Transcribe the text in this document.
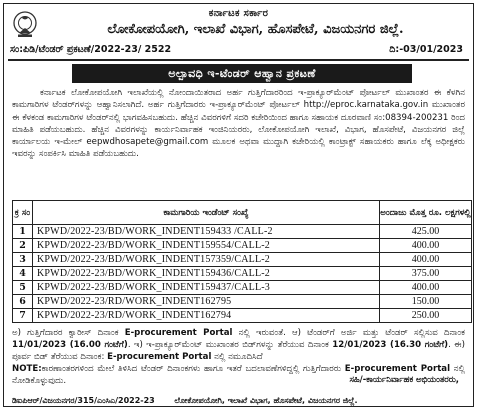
ಕರ್ನಾಟಕ ಸರ್ಕಾರ
ಲೋಕೋಪಯೋಗಿ, ಇಲಾಖೆ ವಿಭಾಗ, ಹೊಸಪೇಟೆ, ವಿಜಯನಗರ ಜಿಲ್ಲೆ.
ಸಂ:ಪಿಡಿ/ಟೆಂಡರ್ ಪ್ರಕಟಣೆ/2022-23/ 2522	ದಿ:-03/01/2023
ಅಲ್ಪಾವಧಿ ಇ-ಟೆಂಡರ್ ಆಹ್ವಾನ ಪ್ರಕಟಣೆ

ಕರ್ನಾಟಕ ಲೋಕೋಪಯೋಗಿ ಇಲಾಖೆಯಲ್ಲಿ ನೋಂದಾಯಿತರಾದ ಅರ್ಹ ಗುತ್ತಿಗೆದಾರರಿಂದ ಇ-ಪ್ರಾಕ್ಯೂರ್‌ಮೆಂಟ್ ಪೋರ್ಟಲ್ ಮುಖಾಂತರ ಈ ಕೆಳಗಿನ ಕಾಮಗಾರಿಗಳ ಟೆಂಡರ್‌ಗಳನ್ನು ಆಹ್ವಾನಿಸಲಾಗಿದೆ. ಅರ್ಹ ಗುತ್ತಿಗೆದಾರರು ಇ-ಪ್ರಾಕ್ಯೂರ್‌ಮೆಂಟ್ ಪೋರ್ಟಲ್ http://eproc.karnataka.gov.in ಮುಖಾಂತರ ಈ ಕೆಳಕಂಡ ಕಾಮಗಾರಿಗಳ ಟೆಂಡರ್‌ನಲ್ಲಿ ಭಾಗವಹಿಸಬಹುದು. ಹೆಚ್ಚಿನ ವಿವರಗಳಿಗೆ ಸದರಿ ಕಚೇರಿಯಿಂದ ಹಾಗೂ ಸಹಾಯಕ ದೂರವಾಣಿ ಸಂ:08394-200231 ರಿಂದ ಮಾಹಿತಿ ಪಡೆಯಬಹುದು. ಹೆಚ್ಚಿನ ವಿವರಗಳನ್ನು ಕಾರ್ಯನಿರ್ವಾಹಕ ಇಂಜಿನಿಯರರು, ಲೋಕೋಪಯೋಗಿ ಇಲಾಖೆ, ವಿಭಾಗ, ಹೊಸಪೇಟೆ, ವಿಜಯನಗರ ಜಿಲ್ಲೆ ಕಾರ್ಯಾಲಯ ಇ-ಮೇಲ್ eepwdhosapete@gmail.com ಮೂಲಕ ಅಥವಾ ಮುದ್ದಾಗಿ ಕಚೇರಿಯಲ್ಲಿ ಕಾಂಟ್ರಾಕ್ಟ್ ಸಹಾಯಕರು ಹಾಗೂ ಲೆಕ್ಕ ಅಧೀಕ್ಷಕರು ಇವರನ್ನು ಸಂಪರ್ಕಿಸಿ ಮಾಹಿತಿ ಪಡೆಯಬಹುದು.

ಕ್ರ ಸಂ	ಕಾಮಗಾರಿಯ ಇಂಡೆಂಟ್ ಸಂಖ್ಯೆ	ಅಂದಾಜು ಮೊತ್ತ ರೂ. ಲಕ್ಷಗಳಲ್ಲಿ
1	KPWD/2022-23/BD/WORK_INDENT159433 /CALL-2	425.00
2	KPWD/2022-23/BD/WORK_INDENT159554/CALL-2	400.00
3	KPWD/2022-23/BD/WORK_INDENT157359/CALL-2	400.00
4	KPWD/2022-23/BD/WORK_INDENT159436/CALL-2	375.00
5	KPWD/2022-23/BD/WORK_INDENT159437/CALL-3	400.00
6	KPWD/2022-23/RD/WORK_INDENT162795	150.00
7	KPWD/2022-23/RD/WORK_INDENT162794	250.00
ಅ) ಗುತ್ತಿಗೆದಾರರ ಕ್ವಾರೀಸ್ ದಿನಾಂಕ E-procurement Portal ನಲ್ಲಿ ಇರುವಂತೆ. ಆ) ಟೆಂಡರ್‌ಗೆ ಅರ್ಜಿ ಮತ್ತು ಟೆಂಡರ್ ಸಲ್ಲಿಸುವ ದಿನಾಂಕ 11/01/2023 (16.00 ಗಂಟೆಗೆ). ಇ) ಇ-ಪ್ರಾಕ್ಯೂರ್‌ಮೆಂಟ್ ಮುಖಾಂತರ ಬಿಡ್‌ಗಳನ್ನು ತೆರೆಯುವ ದಿನಾಂಕ 12/01/2023 (16.30 ಗಂಟೆಗೆ). ಈ) ಪೂರ್ವ ಬಿಡ್ ತೆರೆಯುವ ದಿನಾಂಕ: E-procurement Portal ನಲ್ಲಿ ನಮೂದಿಸಿದೆ
NOTE:ಕಾರಣಾಂತರಗಳಿಂದ ಮೇಲೆ ತಿಳಿಸಿದ ಟೆಂಡರ್ ದಿನಾಂಕಗಳು ಹಾಗೂ ಇತರೆ ಬದಲಾವಣೆಗಳಿದ್ದಲ್ಲಿ ಗುತ್ತಿಗೆದಾರರು E-procurement Portal ನಲ್ಲಿ ನೋಡಿಕೊಳ್ಳುವುದು.	ಸಹಿ/-ಕಾರ್ಯನಿರ್ವಾಹಕ ಅಭಿಯಂತರರು,
ಡಿಐಪಿಆರ್/ವಿಜಯನಗರ/315/ಎಂಸಿಎ/2022-23 ಲೋಕೋಪಯೋಗಿ, ಇಲಾಖೆ ವಿಭಾಗ, ಹೊಸಪೇಟೆ, ವಿಜಯನಗರ ಜಿಲ್ಲೆ.
